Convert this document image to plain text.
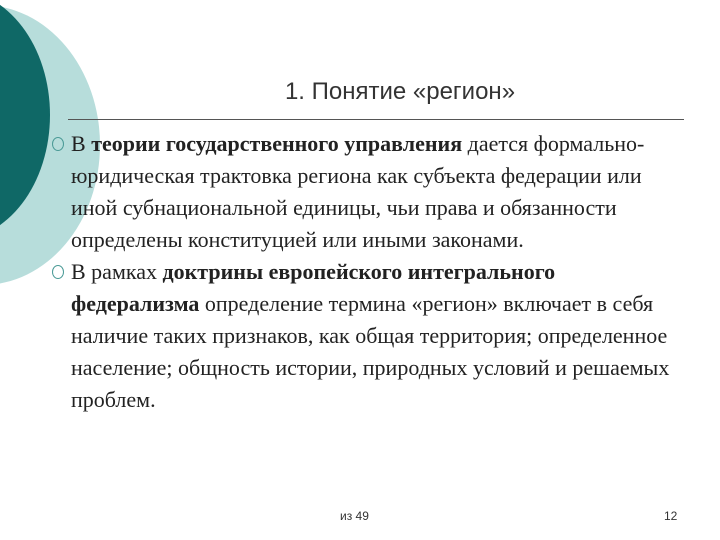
1. Понятие «регион»

В теории государственного управления дается формально-юридическая трактовка региона как субъекта федерации или иной субнациональной единицы, чьи права и обязанности определены конституцией или иными законами.

В рамках доктрины европейского интегрального федерализма определение термина «регион» включает в себя наличие таких признаков, как общая территория; определенное население; общность истории, природных условий и решаемых проблем.

из 49	12
